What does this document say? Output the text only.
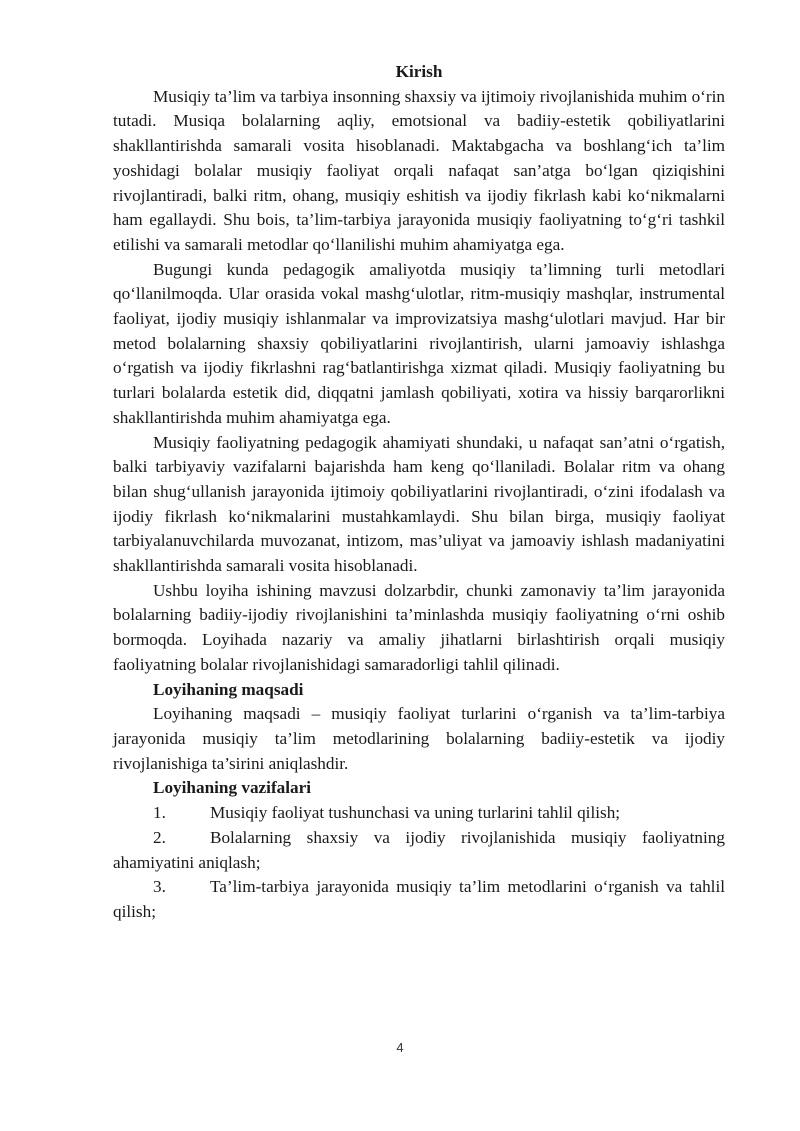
Kirish

Musiqiy ta’lim va tarbiya insonning shaxsiy va ijtimoiy rivojlanishida muhim o‘rin tutadi. Musiqa bolalarning aqliy, emotsional va badiiy-estetik qobiliyatlarini shakllantirishda samarali vosita hisoblanadi. Maktabgacha va boshlang‘ich ta’lim yoshidagi bolalar musiqiy faoliyat orqali nafaqat san’atga bo‘lgan qiziqishini rivojlantiradi, balki ritm, ohang, musiqiy eshitish va ijodiy fikrlash kabi ko‘nikmalarni ham egallaydi. Shu bois, ta’lim-tarbiya jarayonida musiqiy faoliyatning to‘g‘ri tashkil etilishi va samarali metodlar qo‘llanilishi muhim ahamiyatga ega.

Bugungi kunda pedagogik amaliyotda musiqiy ta’limning turli metodlari qo‘llanilmoqda. Ular orasida vokal mashg‘ulotlar, ritm-musiqiy mashqlar, instrumental faoliyat, ijodiy musiqiy ishlanmalar va improvizatsiya mashg‘ulotlari mavjud. Har bir metod bolalarning shaxsiy qobiliyatlarini rivojlantirish, ularni jamoaviy ishlashga o‘rgatish va ijodiy fikrlashni rag‘batlantirishga xizmat qiladi. Musiqiy faoliyatning bu turlari bolalarda estetik did, diqqatni jamlash qobiliyati, xotira va hissiy barqarorlikni shakllantirishda muhim ahamiyatga ega.

Musiqiy faoliyatning pedagogik ahamiyati shundaki, u nafaqat san’atni o‘rgatish, balki tarbiyaviy vazifalarni bajarishda ham keng qo‘llaniladi. Bolalar ritm va ohang bilan shug‘ullanish jarayonida ijtimoiy qobiliyatlarini rivojlantiradi, o‘zini ifodalash va ijodiy fikrlash ko‘nikmalarini mustahkamlaydi. Shu bilan birga, musiqiy faoliyat tarbiyalanuvchilarda muvozanat, intizom, mas’uliyat va jamoaviy ishlash madaniyatini shakllantirishda samarali vosita hisoblanadi.

Ushbu loyiha ishining mavzusi dolzarbdir, chunki zamonaviy ta’lim jarayonida bolalarning badiiy-ijodiy rivojlanishini ta’minlashda musiqiy faoliyatning o‘rni oshib bormoqda. Loyihada nazariy va amaliy jihatlarni birlashtirish orqali musiqiy faoliyatning bolalar rivojlanishidagi samaradorligi tahlil qilinadi.

Loyihaning maqsadi

Loyihaning maqsadi – musiqiy faoliyat turlarini o‘rganish va ta’lim-tarbiya jarayonida musiqiy ta’lim metodlarining bolalarning badiiy-estetik va ijodiy rivojlanishiga ta’sirini aniqlashdir.

Loyihaning vazifalari

1.	Musiqiy faoliyat tushunchasi va uning turlarini tahlil qilish;

2.	Bolalarning shaxsiy va ijodiy rivojlanishida musiqiy faoliyatning ahamiyatini aniqlash;

3.	Ta’lim-tarbiya jarayonida musiqiy ta’lim metodlarini o‘rganish va tahlil qilish;

4
